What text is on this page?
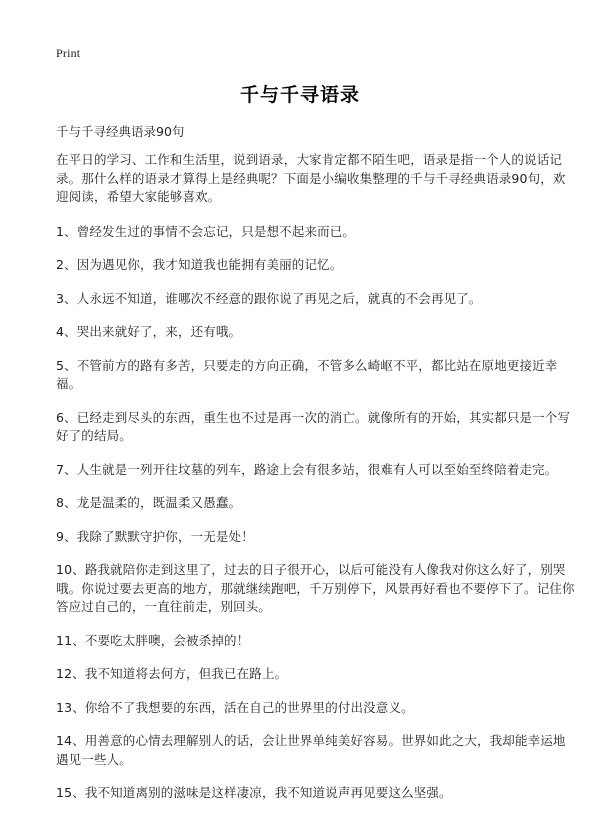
Print
千与千寻语录
千与千寻经典语录90句

在平日的学习、工作和生活里，说到语录，大家肯定都不陌生吧，语录是指一个人的说话记录。那什么样的语录才算得上是经典呢？下面是小编收集整理的千与千寻经典语录90句，欢迎阅读，希望大家能够喜欢。

1、曾经发生过的事情不会忘记，只是想不起来而已。

2、因为遇见你，我才知道我也能拥有美丽的记忆。

3、人永远不知道，谁哪次不经意的跟你说了再见之后，就真的不会再见了。

4、哭出来就好了，来，还有哦。

5、不管前方的路有多苦，只要走的方向正确，不管多么崎岖不平，都比站在原地更接近幸福。

6、已经走到尽头的东西，重生也不过是再一次的消亡。就像所有的开始，其实都只是一个写好了的结局。

7、人生就是一列开往坟墓的列车，路途上会有很多站，很难有人可以至始至终陪着走完。

8、龙是温柔的，既温柔又愚蠢。

9、我除了默默守护你，一无是处！

10、路我就陪你走到这里了，过去的日子很开心，以后可能没有人像我对你这么好了，别哭哦。你说过要去更高的地方，那就继续跑吧，千万别停下，风景再好看也不要停下了。记住你答应过自己的，一直往前走，别回头。

11、不要吃太胖噢，会被杀掉的！

12、我不知道将去何方，但我已在路上。

13、你给不了我想要的东西，活在自己的世界里的付出没意义。

14、用善意的心情去理解别人的话，会让世界单纯美好容易。世界如此之大，我却能幸运地遇见一些人。

15、我不知道离别的滋味是这样凄凉，我不知道说声再见要这么坚强。
